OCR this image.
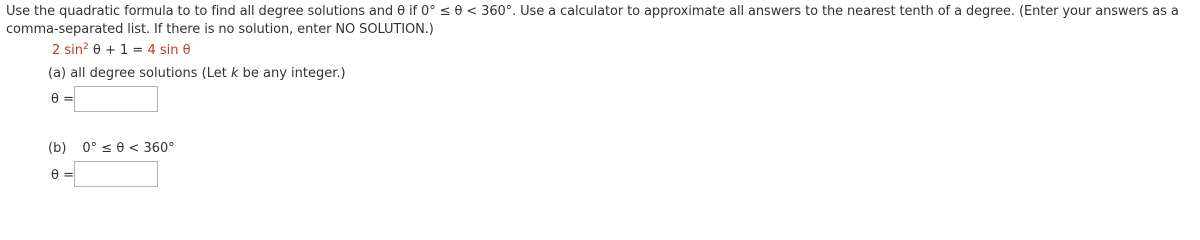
Use the quadratic formula to to find all degree solutions and θ if 0° ≤ θ < 360°. Use a calculator to approximate all answers to the nearest tenth of a degree. (Enter your answers as a comma-separated list. If there is no solution, enter NO SOLUTION.)
2 $\sin^2 \theta + 1 = 4$ sin θ
(a) all degree solutions (Let k be any integer.)
θ =
(b) 0° ≤ θ < 360°
θ =
